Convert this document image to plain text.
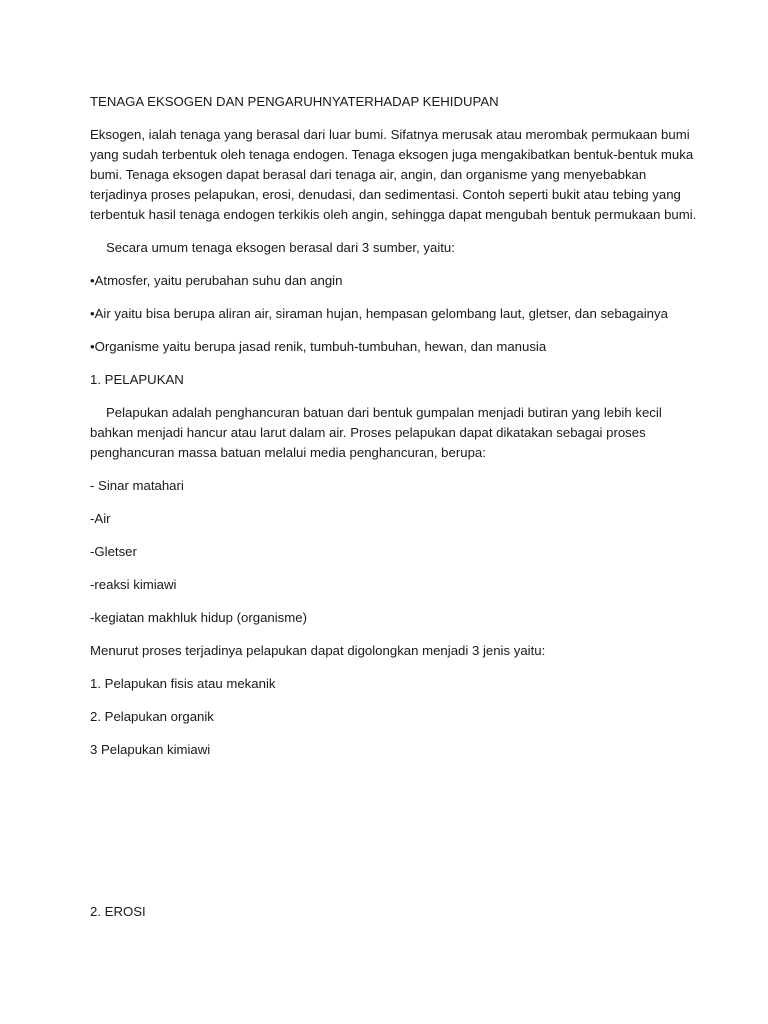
TENAGA EKSOGEN DAN PENGARUHNYATERHADAP KEHIDUPAN

Eksogen, ialah tenaga yang berasal dari luar bumi. Sifatnya merusak atau merombak permukaan bumi
yang sudah terbentuk oleh tenaga endogen. Tenaga eksogen juga mengakibatkan bentuk-bentuk muka
bumi. Tenaga eksogen dapat berasal dari tenaga air, angin, dan organisme yang menyebabkan
terjadinya proses pelapukan, erosi, denudasi, dan sedimentasi. Contoh seperti bukit atau tebing yang
terbentuk hasil tenaga endogen terkikis oleh angin, sehingga dapat mengubah bentuk permukaan bumi.

Secara umum tenaga eksogen berasal dari 3 sumber, yaitu:

•Atmosfer, yaitu perubahan suhu dan angin

•Air yaitu bisa berupa aliran air, siraman hujan, hempasan gelombang laut, gletser, dan sebagainya

•Organisme yaitu berupa jasad renik, tumbuh-tumbuhan, hewan, dan manusia

1. PELAPUKAN

Pelapukan adalah penghancuran batuan dari bentuk gumpalan menjadi butiran yang lebih kecil
bahkan menjadi hancur atau larut dalam air. Proses pelapukan dapat dikatakan sebagai proses
penghancuran massa batuan melalui media penghancuran, berupa:

- Sinar matahari

-Air

-Gletser

-reaksi kimiawi

-kegiatan makhluk hidup (organisme)

Menurut proses terjadinya pelapukan dapat digolongkan menjadi 3 jenis yaitu:

1. Pelapukan fisis atau mekanik

2. Pelapukan organik

3 Pelapukan kimiawi

2. EROSI
